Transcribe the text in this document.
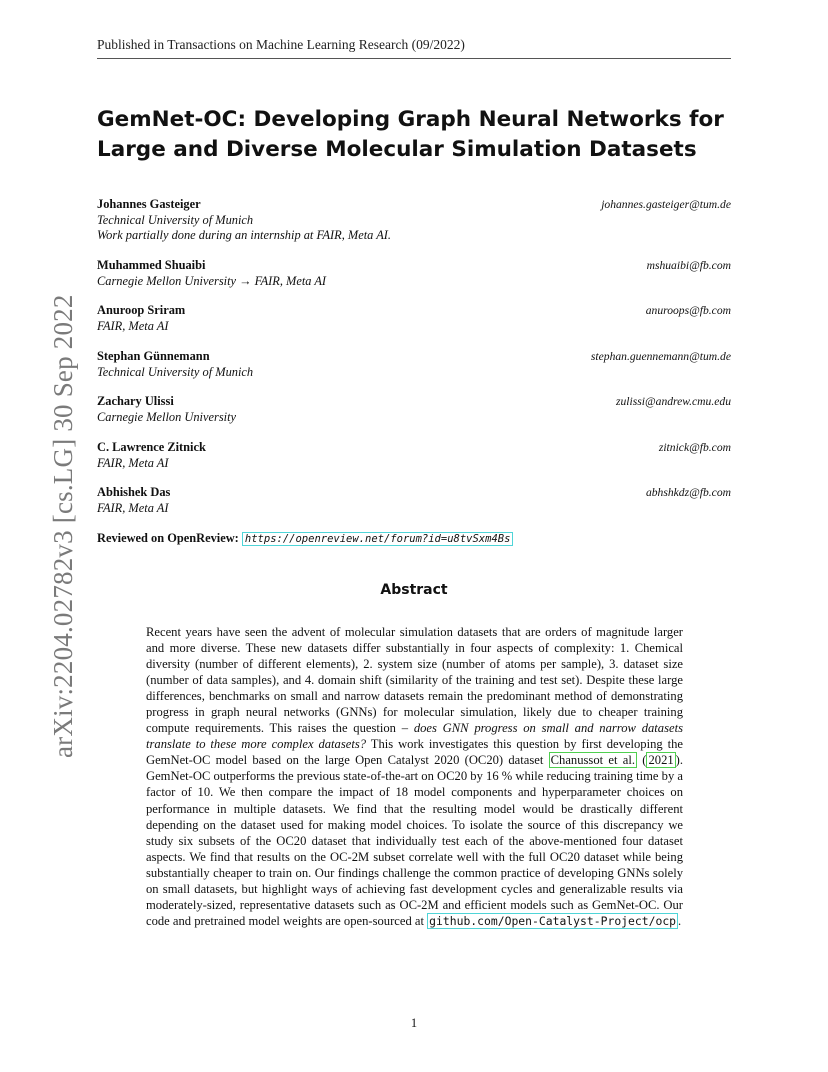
Published in Transactions on Machine Learning Research (09/2022)
arXiv:2204.02782v3 [cs.LG] 30 Sep 2022
GemNet-OC: Developing Graph Neural Networks for Large and Diverse Molecular Simulation Datasets
Johannes Gasteiger	johannes.gasteiger@tum.de
Technical University of Munich
Work partially done during an internship at FAIR, Meta AI.
Muhammed Shuaibi	mshuaibi@fb.com
Carnegie Mellon University → FAIR, Meta AI
Anuroop Sriram	anuroops@fb.com
FAIR, Meta AI
Stephan Günnemann	stephan.guennemann@tum.de
Technical University of Munich
Zachary Ulissi	zulissi@andrew.cmu.edu
Carnegie Mellon University
C. Lawrence Zitnick	zitnick@fb.com
FAIR, Meta AI
Abhishek Das	abhshkdz@fb.com
FAIR, Meta AI
Reviewed on OpenReview: https://openreview.net/forum?id=u8tvSxm4Bs
Abstract

Recent years have seen the advent of molecular simulation datasets that are orders of magnitude larger and more diverse. These new datasets differ substantially in four aspects of complexity: 1. Chemical diversity (number of different elements), 2. system size (number of atoms per sample), 3. dataset size (number of data samples), and 4. domain shift (similarity of the training and test set). Despite these large differences, benchmarks on small and narrow datasets remain the predominant method of demonstrating progress in graph neural networks (GNNs) for molecular simulation, likely due to cheaper training compute requirements. This raises the question – does GNN progress on small and narrow datasets translate to these more complex datasets? This work investigates this question by first developing the GemNet-OC model based on the large Open Catalyst 2020 (OC20) dataset Chanussot et al. ( 2021 ). GemNet-OC outperforms the previous state-of-the-art on OC20 by 16 % while reducing training time by a factor of 10. We then compare the impact of 18 model components and hyperparameter choices on performance in multiple datasets. We find that the resulting model would be drastically different depending on the dataset used for making model choices. To isolate the source of this discrepancy we study six subsets of the OC20 dataset that individually test each of the above-mentioned four dataset aspects. We find that results on the OC-2M subset correlate well with the full OC20 dataset while being substantially cheaper to train on. Our findings challenge the common practice of developing GNNs solely on small datasets, but highlight ways of achieving fast development cycles and generalizable results via moderately-sized, representative datasets such as OC-2M and efficient models such as GemNet-OC. Our code and pretrained model weights are open-sourced at github.com/Open-Catalyst-Project/ocp .

1
